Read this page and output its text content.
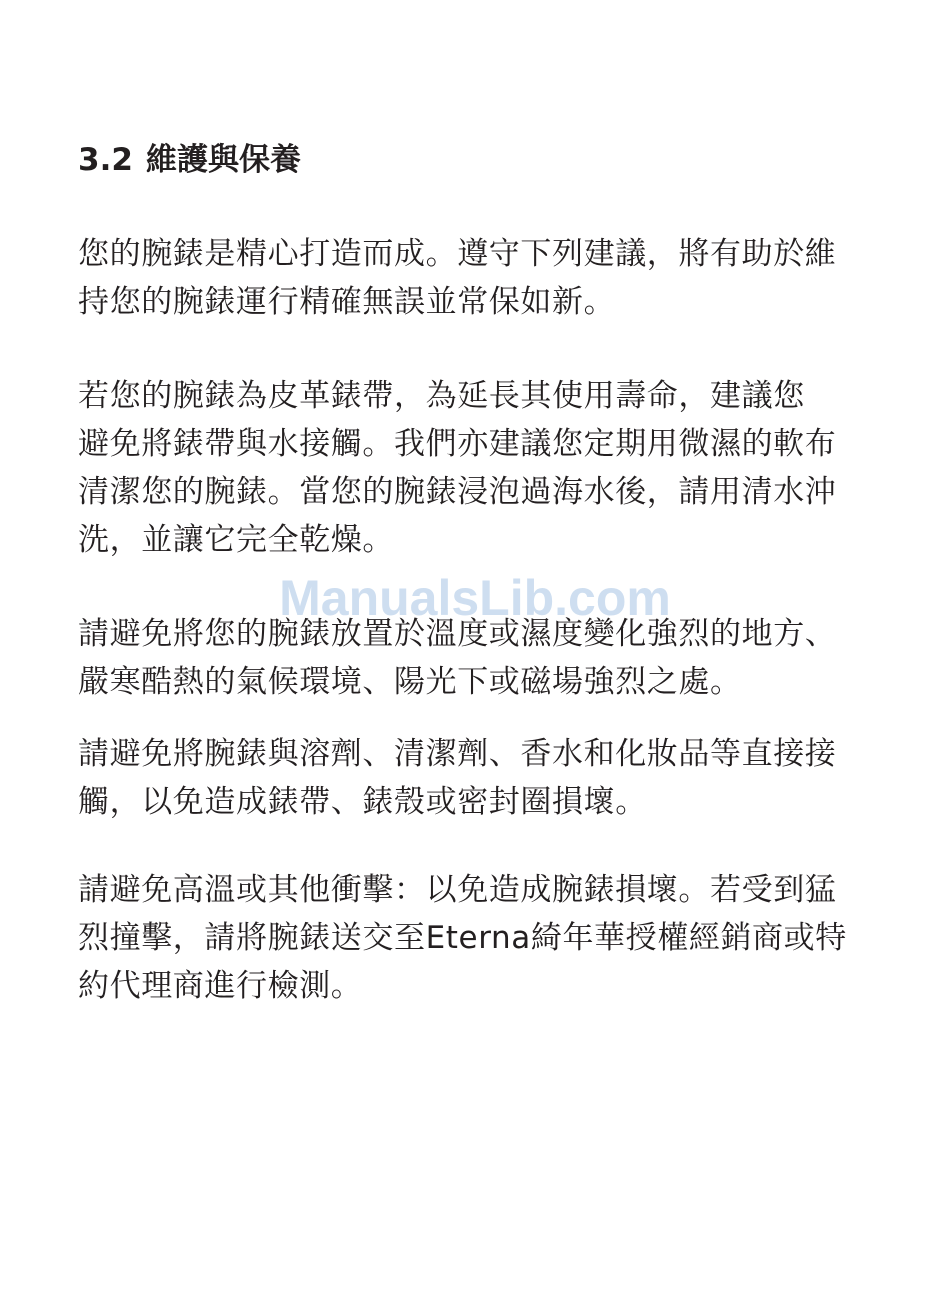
3.2 維護與保養

您的腕錶是精心打造而成。遵守下列建議，將有助於維
持您的腕錶運行精確無誤並常保如新。

若您的腕錶為皮革錶帶，為延長其使用壽命，建議您
避免將錶帶與水接觸。我們亦建議您定期用微濕的軟布
清潔您的腕錶。當您的腕錶浸泡過海水後，請用清水沖
洗，並讓它完全乾燥。

ManualsLib.com

請避免將您的腕錶放置於溫度或濕度變化強烈的地方、
嚴寒酷熱的氣候環境、陽光下或磁場強烈之處。

請避免將腕錶與溶劑、清潔劑、香水和化妝品等直接接
觸，以免造成錶帶、錶殼或密封圈損壞。

請避免高溫或其他衝擊：以免造成腕錶損壞。若受到猛
烈撞擊，請將腕錶送交至Eterna綺年華授權經銷商或特
約代理商進行檢測。
